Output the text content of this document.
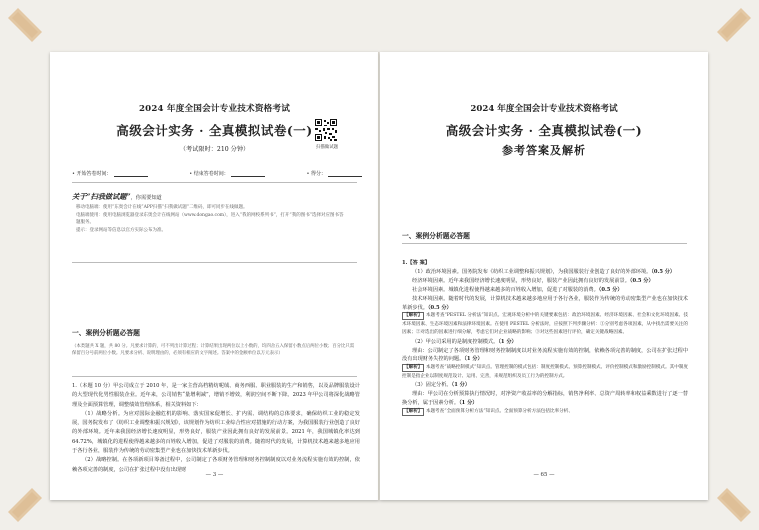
2024 年度全国会计专业技术资格考试
高级会计实务 · 全真模拟试卷(一)
（考试限时：210 分钟）	扫描做试题
• 开始答卷时间：	• 结束答卷时间：	• 得分：
关于“扫我做试题”，你需要知道
移动电脑端：使用“东奥会计在线”APP扫描“扫我做试题”二维码，即可同步在线做题。
电脑端使用：使用电脑浏览器登录东奥会计在线网站（www.dongao.com），进入“我的网校系列书”，打开“我的图书”选择对应图书答题服务。
提示：登录网站等信息以官方实际公布为准。
一、案例分析题必答题
（本类题共 X 题，共 80 分。凡要求计算的，可不列出计算过程；计算结果出现两位以上小数的，均四舍五入保留小数点后两位小数；百分比只需保留百分号前两位小数。凡要求分析、说明理由的，必须有相应的文字阐述。答案中的金额单位以万元表示）

1.（本题 10 分）甲公司成立于 2010 年，是一家主营高档精纺呢绒、商务西服、职业服装的生产和销售，以及品牌服装设计的大型现代化男性服装企业。近年来，公司销售“量增利减”，增销不增效，利润空间不断下降。2023 年甲公司将深化战略管理及全面预算管理，调整绩效管理体系，相关资料如下：

（1）战略分析。为应对国际金融危机的影响、落实国家促增长、扩内需、调结构的总体要求，确保纺织工业的稳定发展，国务院发布了《纺织工业调整和振兴规划》，该规划作为纺织工业综合性应对措施的行动方案，为我国服装行业创造了良好的外部环境。近年来我国经济增长速度明显，形势良好，服装产业因此拥有良好的发展前景。2021 年，我国城镇化率达到 64.72%，城镇化的进程使得越来越多的百姓收入增加，促进了对服装的消费。随着时代的发展，计算机技术越来越多地应用于各行各业，服装作为传统的劳动密集型产业也在加快技术革新步伐。

（2）战略控制。在各项新项目筹备过程中，公司制定了各项财务管理和财务控制制度以对业务流程实施有效的控制，依赖各项完善的制度，公司在扩张过程中没有出现财

— 3 —
2024 年度全国会计专业技术资格考试
高级会计实务 · 全真模拟试卷(一)
参考答案及解析
一、案例分析题必答题

1.【答 案】

（1）政治环境因素。国务院发布《纺织工业调整和振兴规划》，为我国服装行业创造了良好的外部环境。（0.5 分）

经济环境因素。近年来我国经济增长速度明显，形势良好，服装产业因此拥有良好的发展前景。（0.5 分）

社会环境因素。城镇化进程使得越来越多的百姓收入增加，促进了对服装的消费。（0.5 分）

技术环境因素。随着时代的发展，计算机技术越来越多地应用于各行各业，服装作为传统的劳动密集型产业也在加快技术革新步伐。（0.5 分）

【解析】 本题考查“PESTEL 分析法”知识点。宏观环境分析中的关键要素包括：政治环境因素、经济环境因素、社会和文化环境因素、技术环境因素、生态环境因素和法律环境因素。在使用 PESTEL 分析法时，应按照下列步骤分析：①分别考虑各项因素，从中找出需要关注的因素；②对选出的因素进行细分解，考虑它们对企业战略的影响；③对这些因素进行评价，确定关键战略因素。

（2）甲公司采用的是制度控制模式。（1 分）

理由：公司制定了各项财务管理和财务控制制度以对业务流程实施有效的控制，依赖各项完善的制度，公司在扩张过程中没有出现财务失控的问题。（1 分）

【解析】 本题考查“战略控制模式”知识点。管理控制的模式包括：制度控制模式、预算控制模式、评价控制模式和激励控制模式。其中制度控制是指企业以制度规范设计、运用、完善，来规范组织及员工行为的控制方式。

（3）固定分析。（1 分）

理由：甲公司在分析预算执行情况时，对净资产收益率的分解指标，销售净利率、总资产周转率和权益乘数进行了逐一替换分析，属于因素分析。（1 分）

【解析】 本题考查“全面预算分析方法”知识点。全面预算分析方法包括比率分析、

— 65 —
